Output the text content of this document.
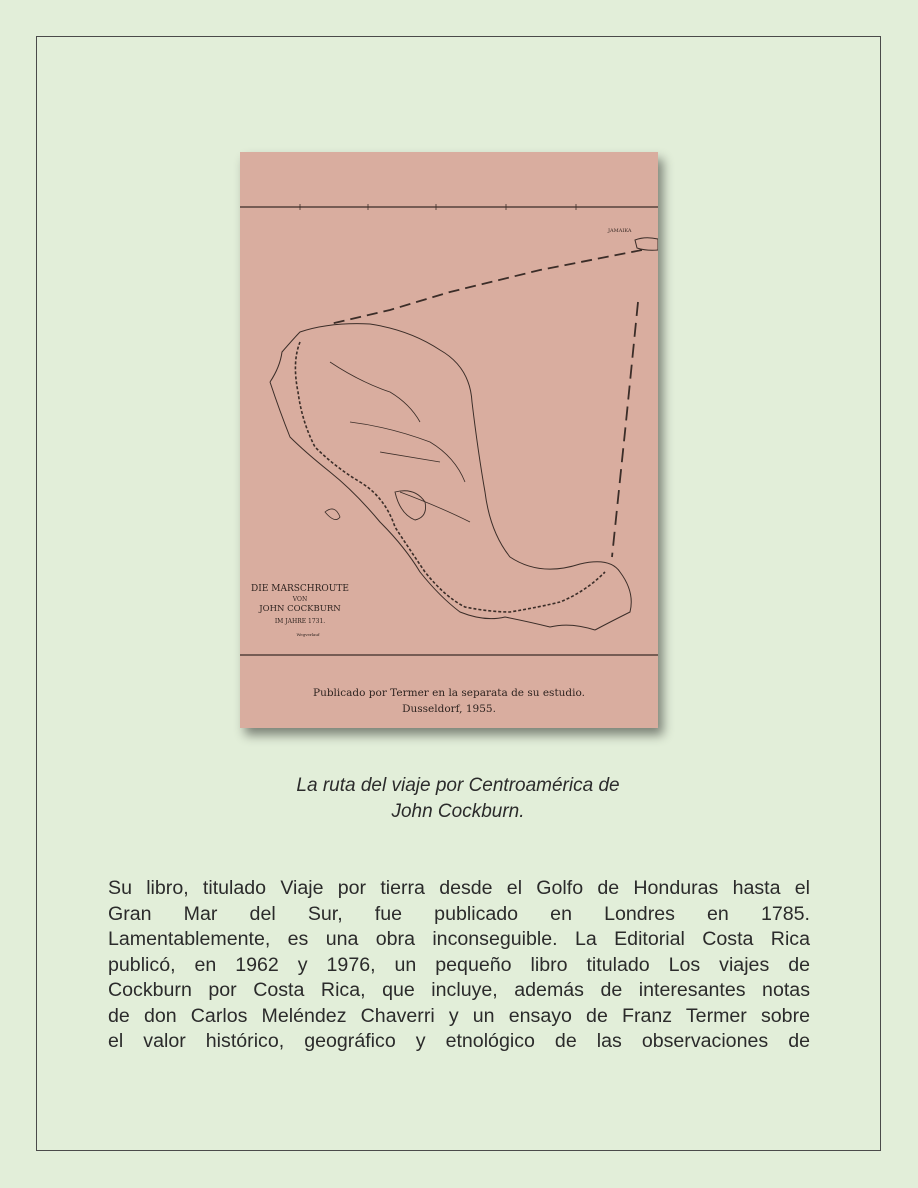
JAMAIKA
DIE MARSCHROUTE
VON
JOHN COCKBURN
IM JAHRE 1731.
Wegverlauf
Publicado por Termer en la separata de su estudio.
Dusseldorf, 1955.
La ruta del viaje por Centroamérica de
John Cockburn.
Su libro, titulado Viaje por tierra desde el Golfo de Honduras hasta el
Gran Mar del Sur, fue publicado en Londres en 1785.
Lamentablemente, es una obra inconseguible. La Editorial Costa Rica
publicó, en 1962 y 1976, un pequeño libro titulado Los viajes de
Cockburn por Costa Rica, que incluye, además de interesantes notas
de don Carlos Meléndez Chaverri y un ensayo de Franz Termer sobre
el valor histórico, geográfico y etnológico de las observaciones de
